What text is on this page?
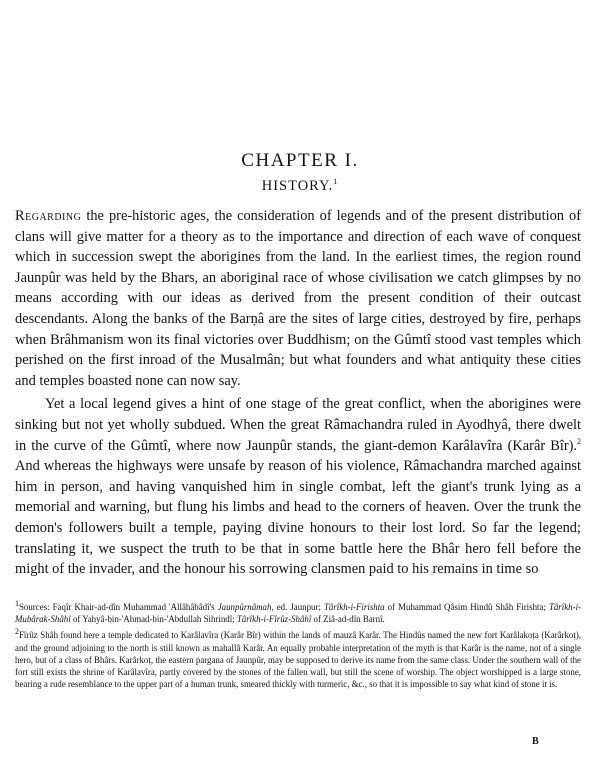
CHAPTER I.
HISTORY.$^1$

Regarding the pre-historic ages, the consideration of legends and of the present distribution of clans will give matter for a theory as to the importance and direction of each wave of conquest which in succession swept the aborigines from the land. In the earliest times, the region round Jaunpûr was held by the Bhars, an aboriginal race of whose civilisation we catch glimpses by no means according with our ideas as derived from the present condition of their outcast descendants. Along the banks of the Barṇâ are the sites of large cities, destroyed by fire, perhaps when Brâhmanism won its final victories over Buddhism; on the Gûmtî stood vast temples which perished on the first inroad of the Musalmân; but what founders and what antiquity these cities and temples boasted none can now say.

Yet a local legend gives a hint of one stage of the great conflict, when the aborigines were sinking but not yet wholly subdued. When the great Râmachandra ruled in Ayodhyâ, there dwelt in the curve of the Gûmtî, where now Jaunpûr stands, the giant-demon Karâlavîra (Karâr Bîr).$^2$ And whereas the highways were unsafe by reason of his violence, Râmachandra marched against him in person, and having vanquished him in single combat, left the giant's trunk lying as a memorial and warning, but flung his limbs and head to the corners of heaven. Over the trunk the demon's followers built a temple, paying divine honours to their lost lord. So far the legend; translating it, we suspect the truth to be that in some battle here the Bhâr hero fell before the might of the invader, and the honour his sorrowing clansmen paid to his remains in time so

$^1$Sources: Faqîr Khair-ad-dîn Muhammad 'Allâhâbâdî's Jaunpûrnâmah, ed. Jaunpur; Târîkh-i-Firishta of Muhammad Qâsim Hindû Shâh Firishta; Târîkh-i-Mubârak-Shâhî of Yahyâ-bin-'Ahmad-bin-'Abdullah Sihrindî; Târîkh-i-Fîrûz-Shâhî of Ziâ-ad-dîn Barnî.

$^2$Fîrûz Shâh found here a temple dedicated to Karâlavîra (Karâr Bîr) within the lands of mauzâ Karâr. The Hindûs named the new fort Karâlakoṭa (Karârkoṭ), and the ground adjoining to the north is still known as mahallâ Karâr. An equally probable interpretation of the myth is that Karâr is the name, not of a single hero, but of a class of Bhârs. Karârkoṭ, the eastern pargana of Jaunpûr, may be supposed to derive its name from the same class. Under the southern wall of the fort still exists the shrine of Karâlavîra, partly covered by the stones of the fallen wall, but still the scene of worship. The object worshipped is a large stone, bearing a rude resemblance to the upper part of a human trunk, smeared thickly with turmeric, &c., so that it is impossible to say what kind of stone it is.

B
